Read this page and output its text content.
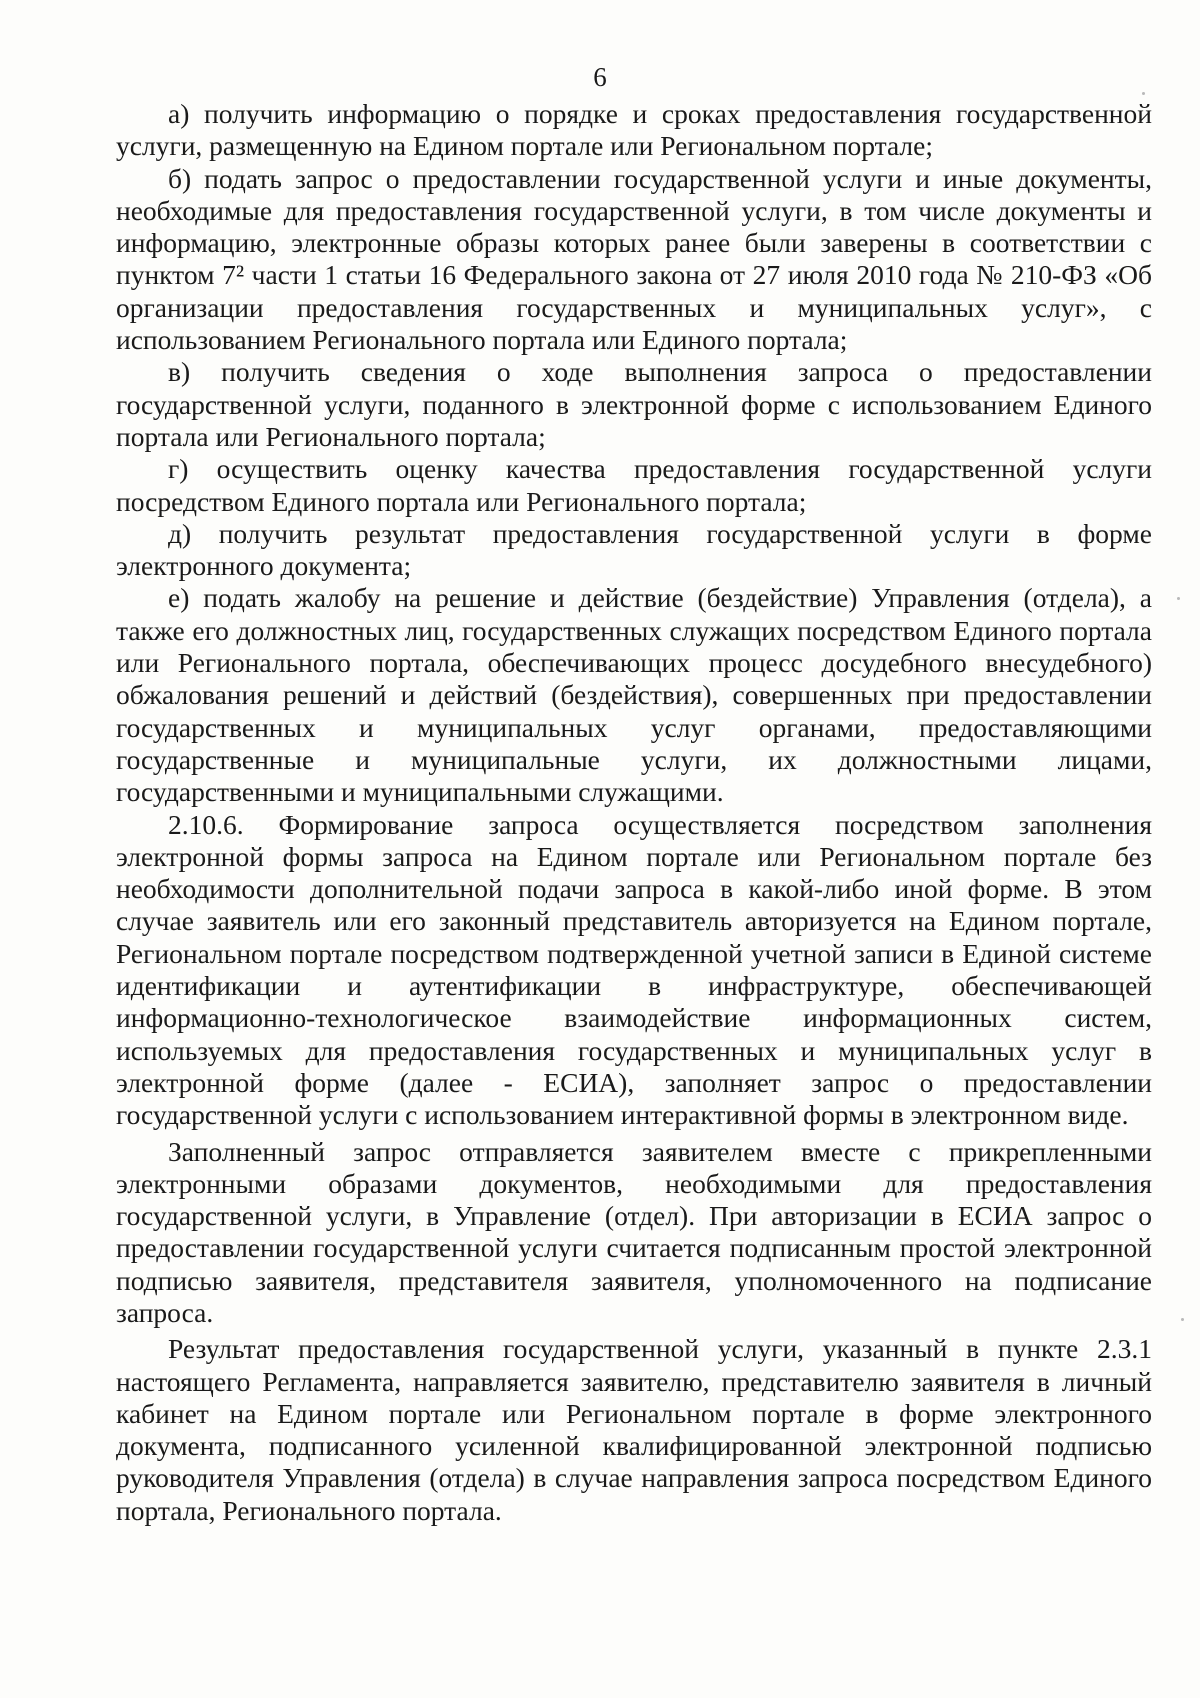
6

а) получить информацию о порядке и сроках предоставления государственной услуги, размещенную на Едином портале или Региональном портале;

б) подать запрос о предоставлении государственной услуги и иные документы, необходимые для предоставления государственной услуги, в том числе документы и информацию, электронные образы которых ранее были заверены в соответствии с пунктом 7² части 1 статьи 16 Федерального закона от 27 июля 2010 года № 210-ФЗ «Об организации предоставления государственных и муниципальных услуг», с использованием Регионального портала или Единого портала;

в) получить сведения о ходе выполнения запроса о предоставлении государственной услуги, поданного в электронной форме с использованием Единого портала или Регионального портала;

г) осуществить оценку качества предоставления государственной услуги посредством Единого портала или Регионального портала;

д) получить результат предоставления государственной услуги в форме электронного документа;

е) подать жалобу на решение и действие (бездействие) Управления (отдела), а также его должностных лиц, государственных служащих посредством Единого портала или Регионального портала, обеспечивающих процесс досудебного внесудебного) обжалования решений и действий (бездействия), совершенных при предоставлении государственных и муниципальных услуг органами, предоставляющими государственные и муниципальные услуги, их должностными лицами, государственными и муниципальными служащими.

2.10.6. Формирование запроса осуществляется посредством заполнения электронной формы запроса на Едином портале или Региональном портале без необходимости дополнительной подачи запроса в какой-либо иной форме. В этом случае заявитель или его законный представитель авторизуется на Едином портале, Региональном портале посредством подтвержденной учетной записи в Единой системе идентификации и аутентификации в инфраструктуре, обеспечивающей информационно-технологическое взаимодействие информационных систем, используемых для предоставления государственных и муниципальных услуг в электронной форме (далее - ЕСИА), заполняет запрос о предоставлении государственной услуги с использованием интерактивной формы в электронном виде.

Заполненный запрос отправляется заявителем вместе с прикрепленными электронными образами документов, необходимыми для предоставления государственной услуги, в Управление (отдел). При авторизации в ЕСИА запрос о предоставлении государственной услуги считается подписанным простой электронной подписью заявителя, представителя заявителя, уполномоченного на подписание запроса.

Результат предоставления государственной услуги, указанный в пункте 2.3.1 настоящего Регламента, направляется заявителю, представителю заявителя в личный кабинет на Едином портале или Региональном портале в форме электронного документа, подписанного усиленной квалифицированной электронной подписью руководителя Управления (отдела) в случае направления запроса посредством Единого портала, Регионального портала.
